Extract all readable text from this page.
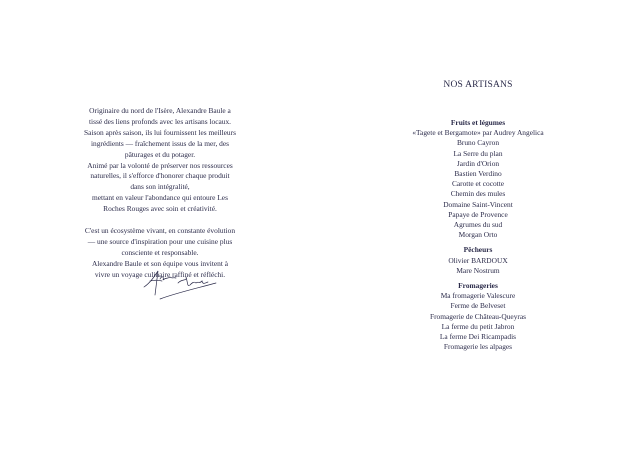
Originaire du nord de l'Isère, Alexandre Baule a
tissé des liens profonds avec les artisans locaux.
Saison après saison, ils lui fournissent les meilleurs
ingrédients — fraîchement issus de la mer, des
pâturages et du potager.
Animé par la volonté de préserver nos ressources
naturelles, il s'efforce d'honorer chaque produit
dans son intégralité,
mettant en valeur l'abondance qui entoure Les
Roches Rouges avec soin et créativité.
C'est un écosystème vivant, en constante évolution
— une source d'inspiration pour une cuisine plus
consciente et responsable.
Alexandre Baule et son équipe vous invitent à
vivre un voyage culinaire raffiné et réfléchi.
NOS ARTISANS
Fruits et légumes
«Tagete et Bergamote» par Audrey Angelica
Bruno Cayron
La Serre du plan
Jardin d'Orion
Bastien Verdino
Carotte et cocotte
Chemin des mules
Domaine Saint-Vincent
Papaye de Provence
Agrumes du sud
Morgan Orto
Pêcheurs
Olivier BARDOUX
Mare Nostrum
Fromageries
Ma fromagerie Valescure
Ferme de Belveset
Fromagerie de Château-Queyras
La ferme du petit Jabron
La ferme Dei Ricampadis
Fromagerie les alpages
